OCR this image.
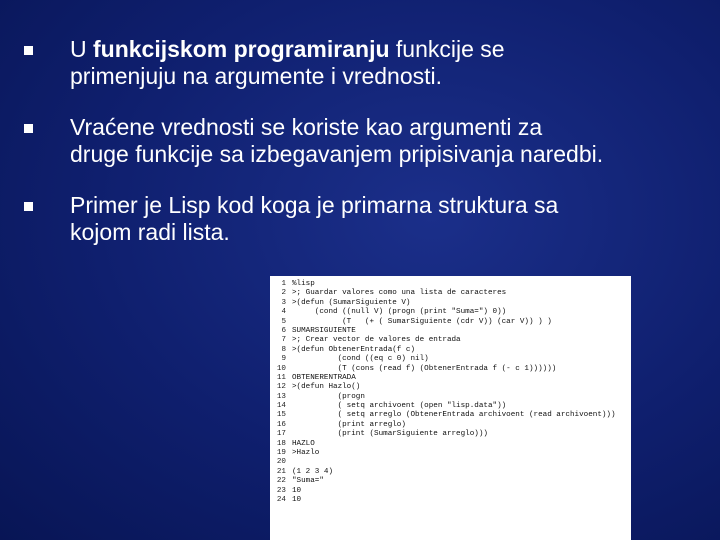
U funkcijskom programiranju funkcije se
primenjuju na argumente i vrednosti.
Vraćene vrednosti se koriste kao argumenti za
druge funkcije sa izbegavanjem pripisivanja naredbi.
Primer je Lisp kod koga je primarna struktura sa
kojom radi lista.
1 %lisp
2 >; Guardar valores como una lista de caracteres
3 >(defun (SumarSiguiente V)
4 (cond ((null V) (progn (print "Suma=") 0))
5 (T   (+ ( SumarSiguiente (cdr V)) (car V)) ) )
6 SUMARSIGUIENTE
7 >; Crear vector de valores de entrada
8 >(defun ObtenerEntrada(f c)
9 (cond ((eq c 0) nil)
10 (T (cons (read f) (ObtenerEntrada f (- c 1))))))
11 OBTENERENTRADA
12 >(defun Hazlo()
13 (progn
14 ( setq archivoent (open "lisp.data"))
15 ( setq arreglo (ObtenerEntrada archivoent (read archivoent)))
16 (print arreglo)
17 (print (SumarSiguiente arreglo)))
18 HAZLO
19 >Hazlo
20
21 (1 2 3 4)
22 "Suma="
23 10
24 10
